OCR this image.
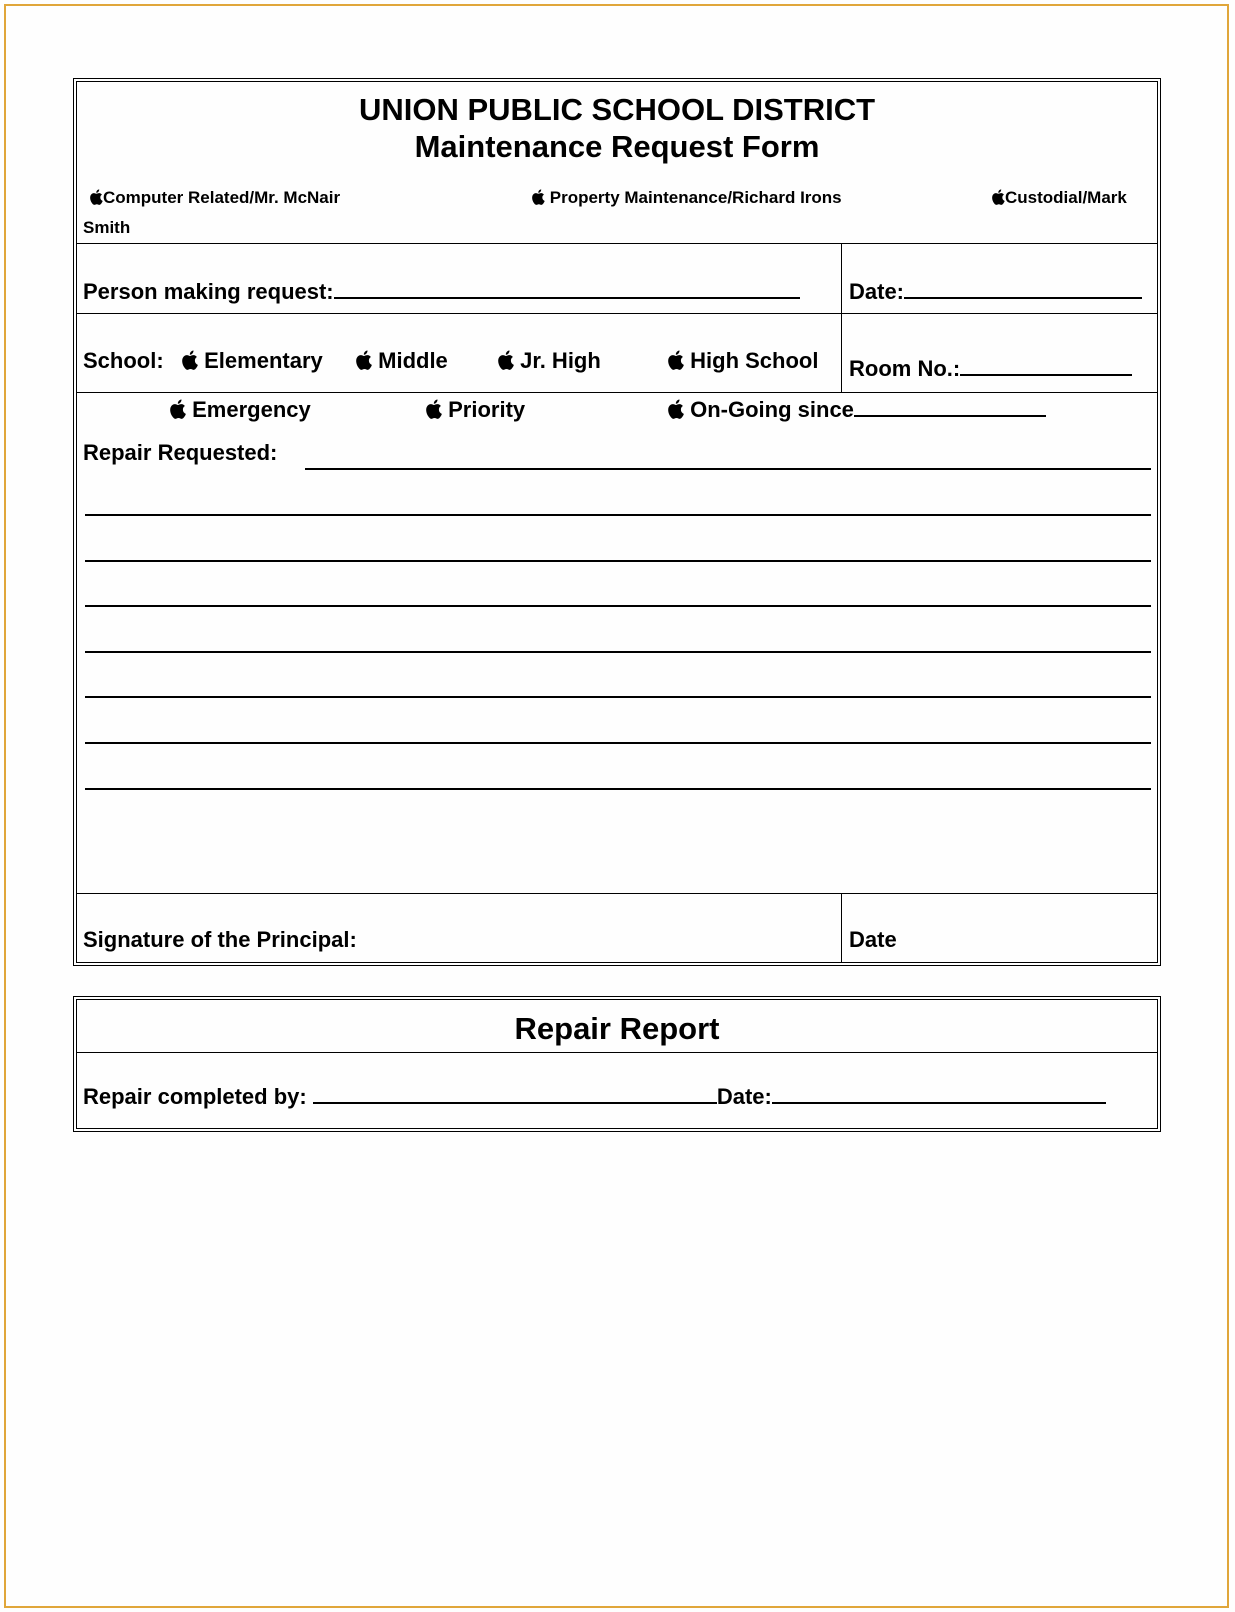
UNION PUBLIC SCHOOL DISTRICT
Maintenance Request Form
Computer Related/Mr. McNair	Property Maintenance/Richard Irons	Custodial/Mark
Smith
Person making request:	Date:
School:	Elementary	Middle	Jr. High	High School Room No.:
Emergency	Priority	On-Going since
Repair Requested:
Signature of the Principal:	Date
Repair Report
Repair completed by:	Date:
